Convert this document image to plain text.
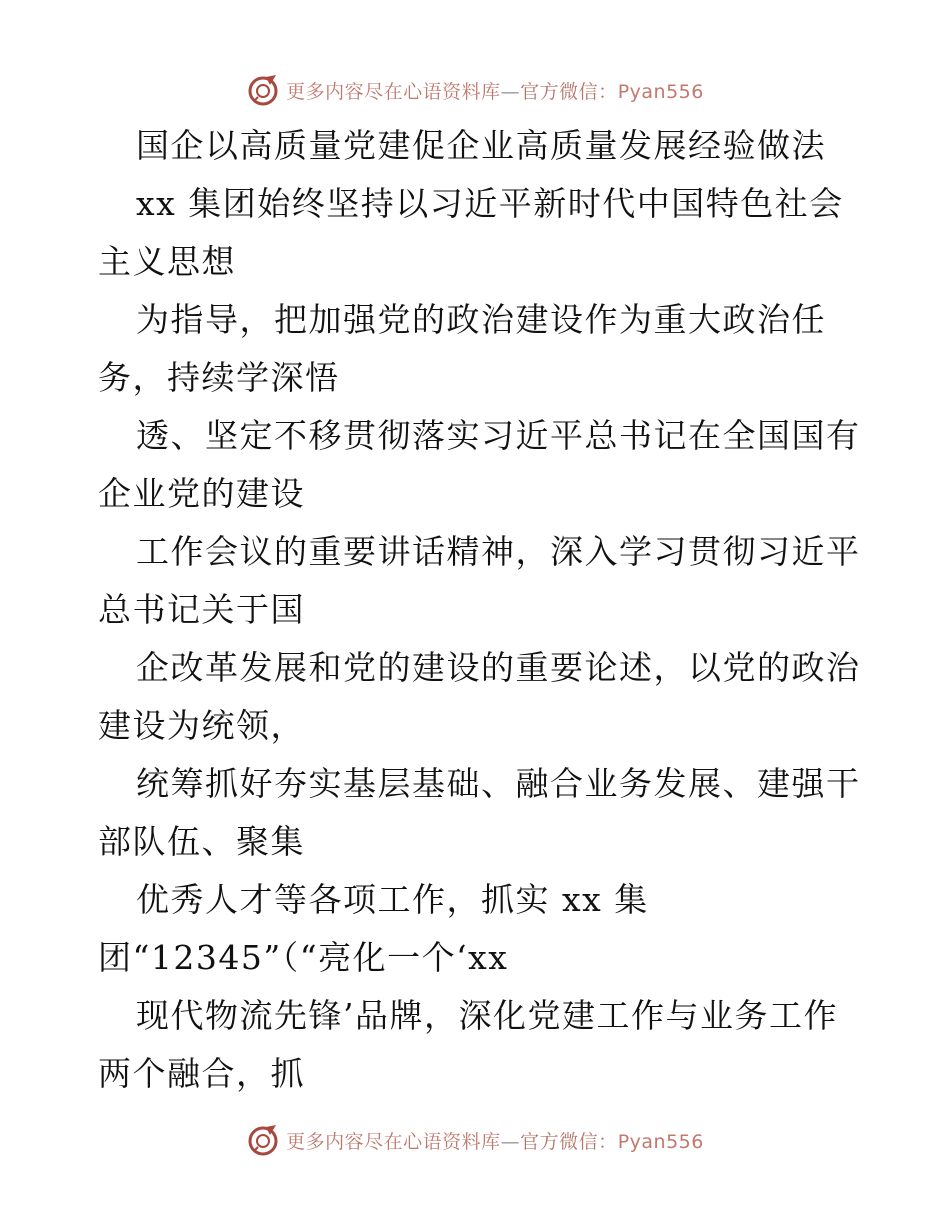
更多内容尽在心语资料库—官方微信：Pyan556
国企以高质量党建促企业高质量发展经验做法
xx 集团始终坚持以习近平新时代中国特色社会
主义思想
为指导，把加强党的政治建设作为重大政治任
务，持续学深悟
透、坚定不移贯彻落实习近平总书记在全国国有
企业党的建设
工作会议的重要讲话精神，深入学习贯彻习近平
总书记关于国
企改革发展和党的建设的重要论述，以党的政治
建设为统领，
统筹抓好夯实基层基础、融合业务发展、建强干
部队伍、聚集
优秀人才等各项工作，抓实 xx 集
团“12345”（“亮化一个‘xx
现代物流先锋’品牌，深化党建工作与业务工作
两个融合，抓
更多内容尽在心语资料库—官方微信：Pyan556
